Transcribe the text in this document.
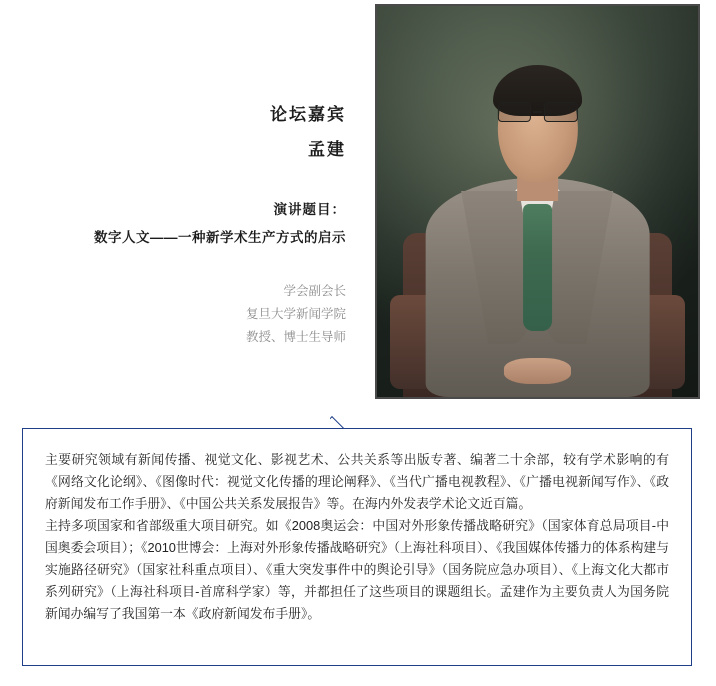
论坛嘉宾
孟建
演讲题目：
数字人文——一种新学术生产方式的启示
学会副会长
复旦大学新闻学院
教授、博士生导师

主要研究领域有新闻传播、视觉文化、影视艺术、公共关系等出版专著、编著二十余部，较有学术影响的有《网络文化论纲》、《图像时代：视觉文化传播的理论阐释》、《当代广播电视教程》、《广播电视新闻写作》、《政府新闻发布工作手册》、《中国公共关系发展报告》等。在海内外发表学术论文近百篇。

主持多项国家和省部级重大项目研究。如《2008奥运会：中国对外形象传播战略研究》（国家体育总局项目-中国奥委会项目）；《2010世博会：上海对外形象传播战略研究》（上海社科项目）、《我国媒体传播力的体系构建与实施路径研究》（国家社科重点项目）、《重大突发事件中的舆论引导》（国务院应急办项目）、《上海文化大都市系列研究》（上海社科项目-首席科学家）等，并都担任了这些项目的课题组长。孟建作为主要负责人为国务院新闻办编写了我国第一本《政府新闻发布手册》。
